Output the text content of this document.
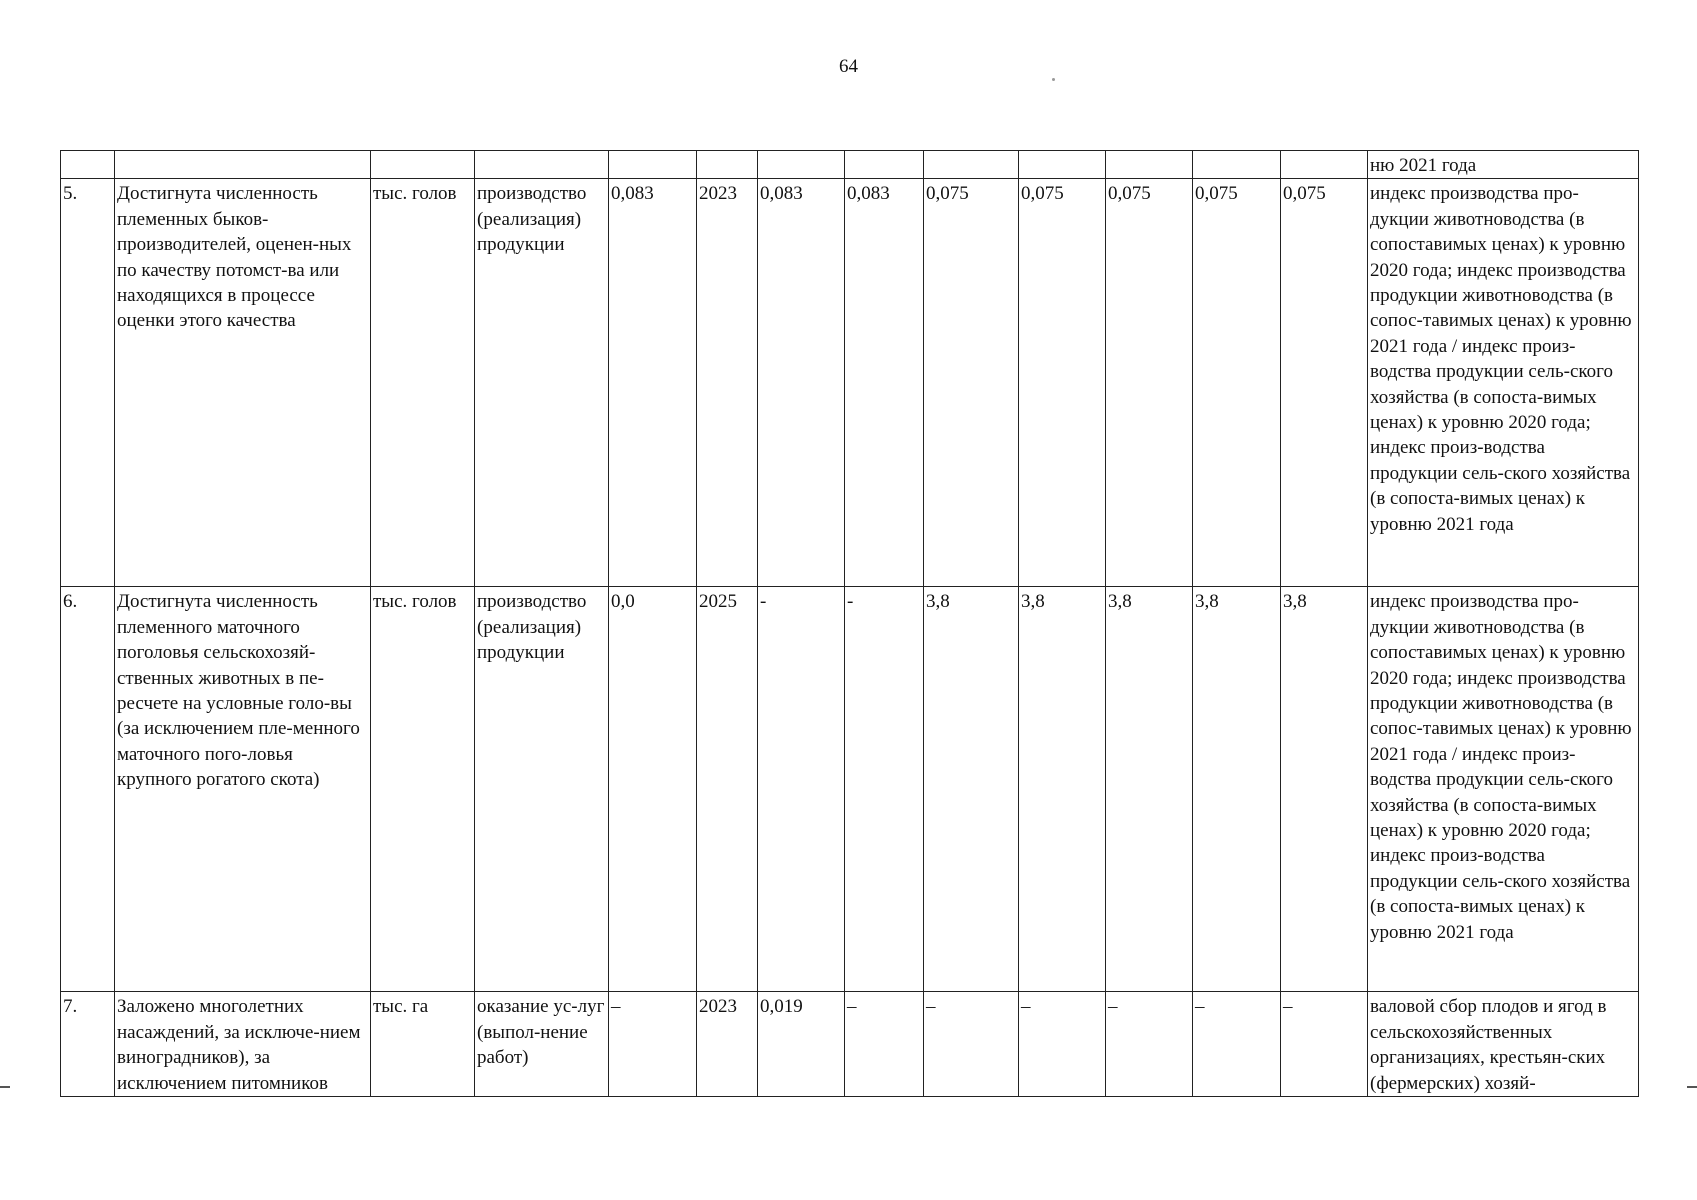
64
													ню 2021 года
5.	Достигнута численность племенных быков-производителей, оценен-ных по качеству потомст-ва или находящихся в процессе оценки этого качества	тыс. голов	производство (реализация) продукции	0,083	2023	0,083	0,083	0,075	0,075	0,075	0,075	0,075	индекс производства про-дукции животноводства (в сопоставимых ценах) к уровню 2020 года; индекс производства продукции животноводства (в сопос-тавимых ценах) к уровню 2021 года / индекс произ-водства продукции сель-ского хозяйства (в сопоста-вимых ценах) к уровню 2020 года; индекс произ-водства продукции сель-ского хозяйства (в сопоста-вимых ценах) к уровню 2021 года
6.	Достигнута численность племенного маточного поголовья сельскохозяй-ственных животных в пе-ресчете на условные голо-вы (за исключением пле-менного маточного пого-ловья крупного рогатого скота)	тыс. голов	производство (реализация) продукции	0,0	2025	-	-	3,8	3,8	3,8	3,8	3,8	индекс производства про-дукции животноводства (в сопоставимых ценах) к уровню 2020 года; индекс производства продукции животноводства (в сопос-тавимых ценах) к уровню 2021 года / индекс произ-водства продукции сель-ского хозяйства (в сопоста-вимых ценах) к уровню 2020 года; индекс произ-водства продукции сель-ского хозяйства (в сопоста-вимых ценах) к уровню 2021 года
7.	Заложено многолетних насаждений, за исключе-нием виноградников), за исключением питомников	тыс. га	оказание ус-луг (выпол-нение работ)	–	2023	0,019	–	–	–	–	–	–	валовой сбор плодов и ягод в сельскохозяйственных организациях, крестьян-ских (фермерских) хозяй-
